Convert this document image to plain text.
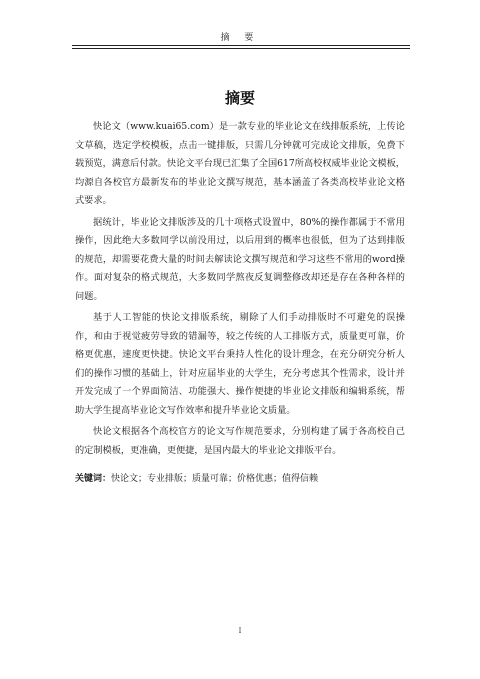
摘 要
摘要

快论文（www.kuai65.com）是一款专业的毕业论文在线排版系统，上传论文草稿，选定学校模板，点击一键排版，只需几分钟就可完成论文排版，免费下载预览，满意后付款。快论文平台现已汇集了全国617所高校权威毕业论文模板，均源自各校官方最新发布的毕业论文撰写规范，基本涵盖了各类高校毕业论文格式要求。

据统计，毕业论文排版涉及的几十项格式设置中，80%的操作都属于不常用操作，因此绝大多数同学以前没用过，以后用到的概率也很低，但为了达到排版的规范，却需要花费大量的时间去解读论文撰写规范和学习这些不常用的word操作。面对复杂的格式规范，大多数同学熬夜反复调整修改却还是存在各种各样的问题。

基于人工智能的快论文排版系统，剔除了人们手动排版时不可避免的误操作，和由于视觉疲劳导致的错漏等，较之传统的人工排版方式，质量更可靠，价格更优惠，速度更快捷。快论文平台秉持人性化的设计理念，在充分研究分析人们的操作习惯的基础上，针对应届毕业的大学生，充分考虑其个性需求，设计并开发完成了一个界面简洁、功能强大、操作便捷的毕业论文排版和编辑系统，帮助大学生提高毕业论文写作效率和提升毕业论文质量。

快论文根据各个高校官方的论文写作规范要求，分别构建了属于各高校自己的定制模板，更准确，更便捷，是国内最大的毕业论文排版平台。

关键词：快论文；专业排版；质量可靠；价格优惠；值得信赖
I
